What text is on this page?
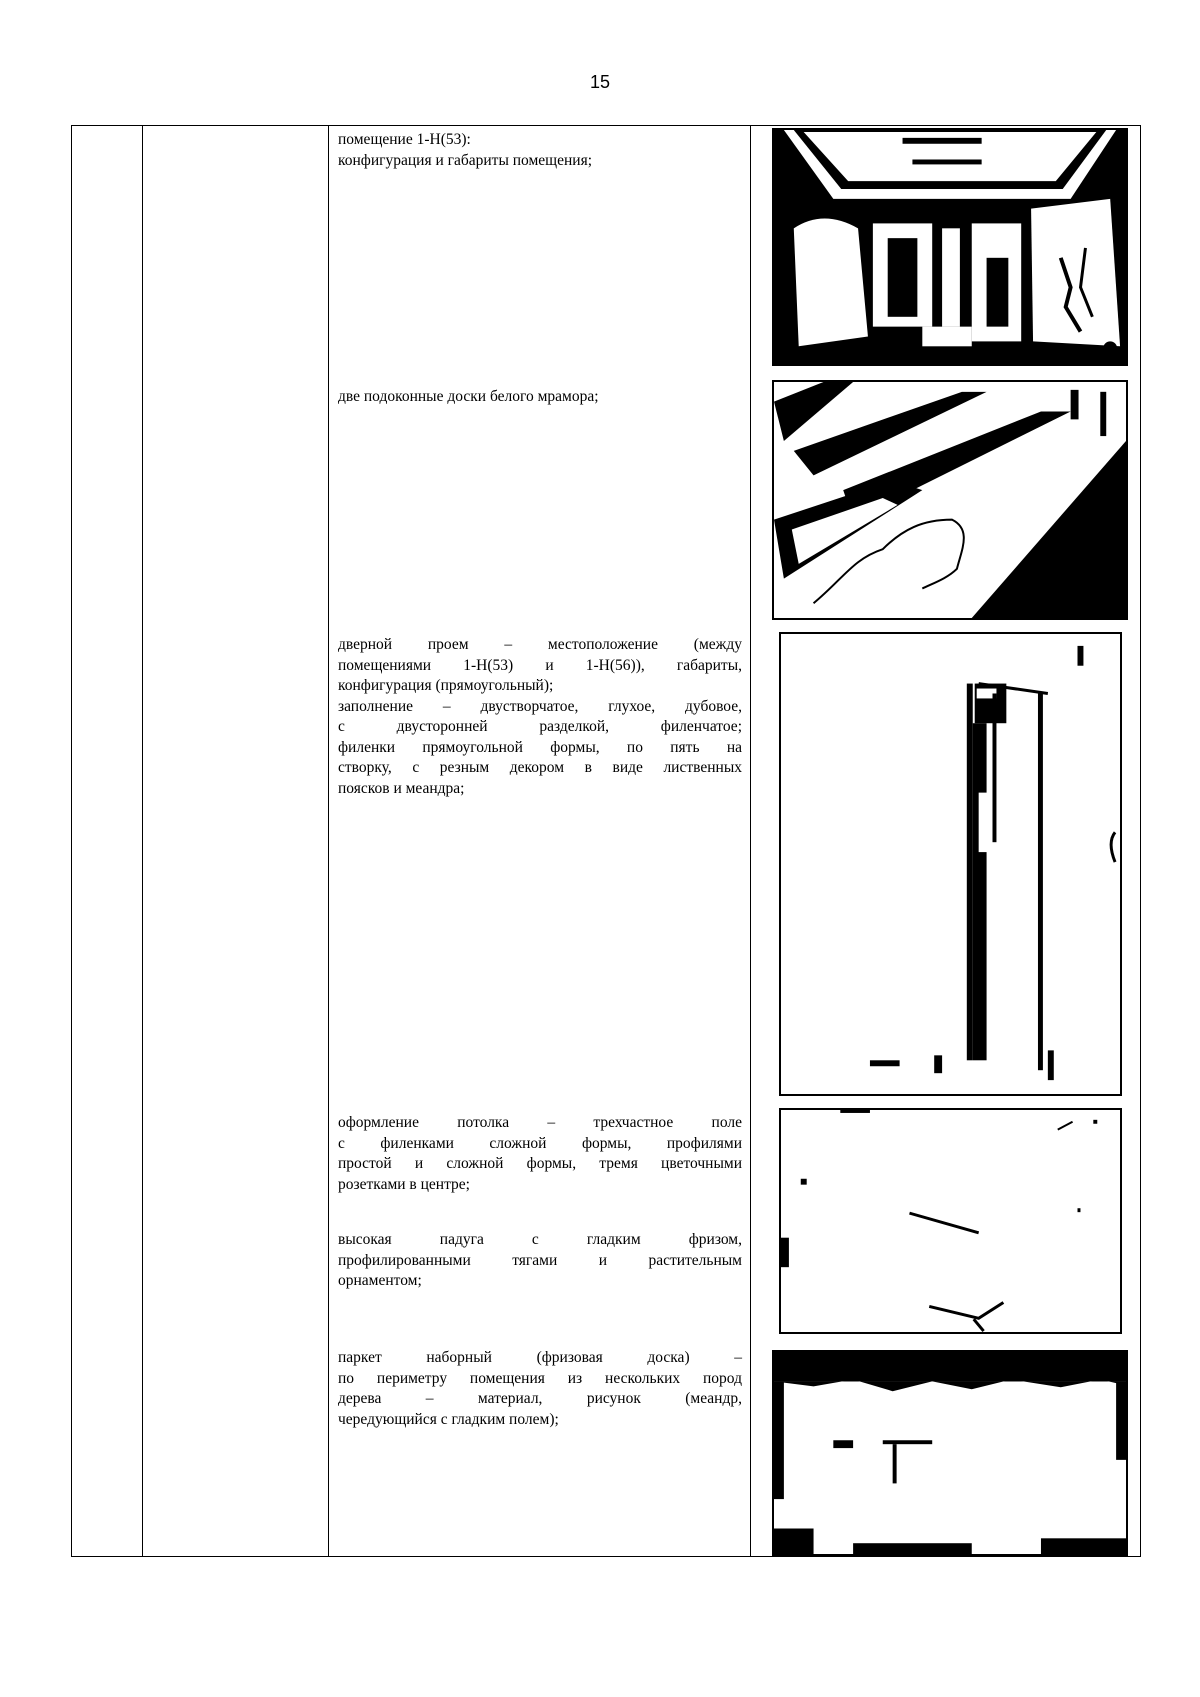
15

помещение 1-Н(53):

конфигурация и габариты помещения;

две подоконные доски белого мрамора;

дверной проем – местоположение (между

помещениями 1-Н(53) и 1-Н(56)), габариты,

конфигурация (прямоугольный);

заполнение – двустворчатое, глухое, дубовое,

с двусторонней разделкой, филенчатое;

филенки прямоугольной формы, по пять на

створку, с резным декором в виде лиственных

поясков и меандра;

оформление потолка – трехчастное поле

с филенками сложной формы, профилями

простой и сложной формы, тремя цветочными

розетками в центре;

высокая падуга с гладким фризом,

профилированными тягами и растительным

орнаментом;

паркет наборный (фризовая доска) –

по периметру помещения из нескольких пород

дерева – материал, рисунок (меандр,

чередующийся с гладким полем);
